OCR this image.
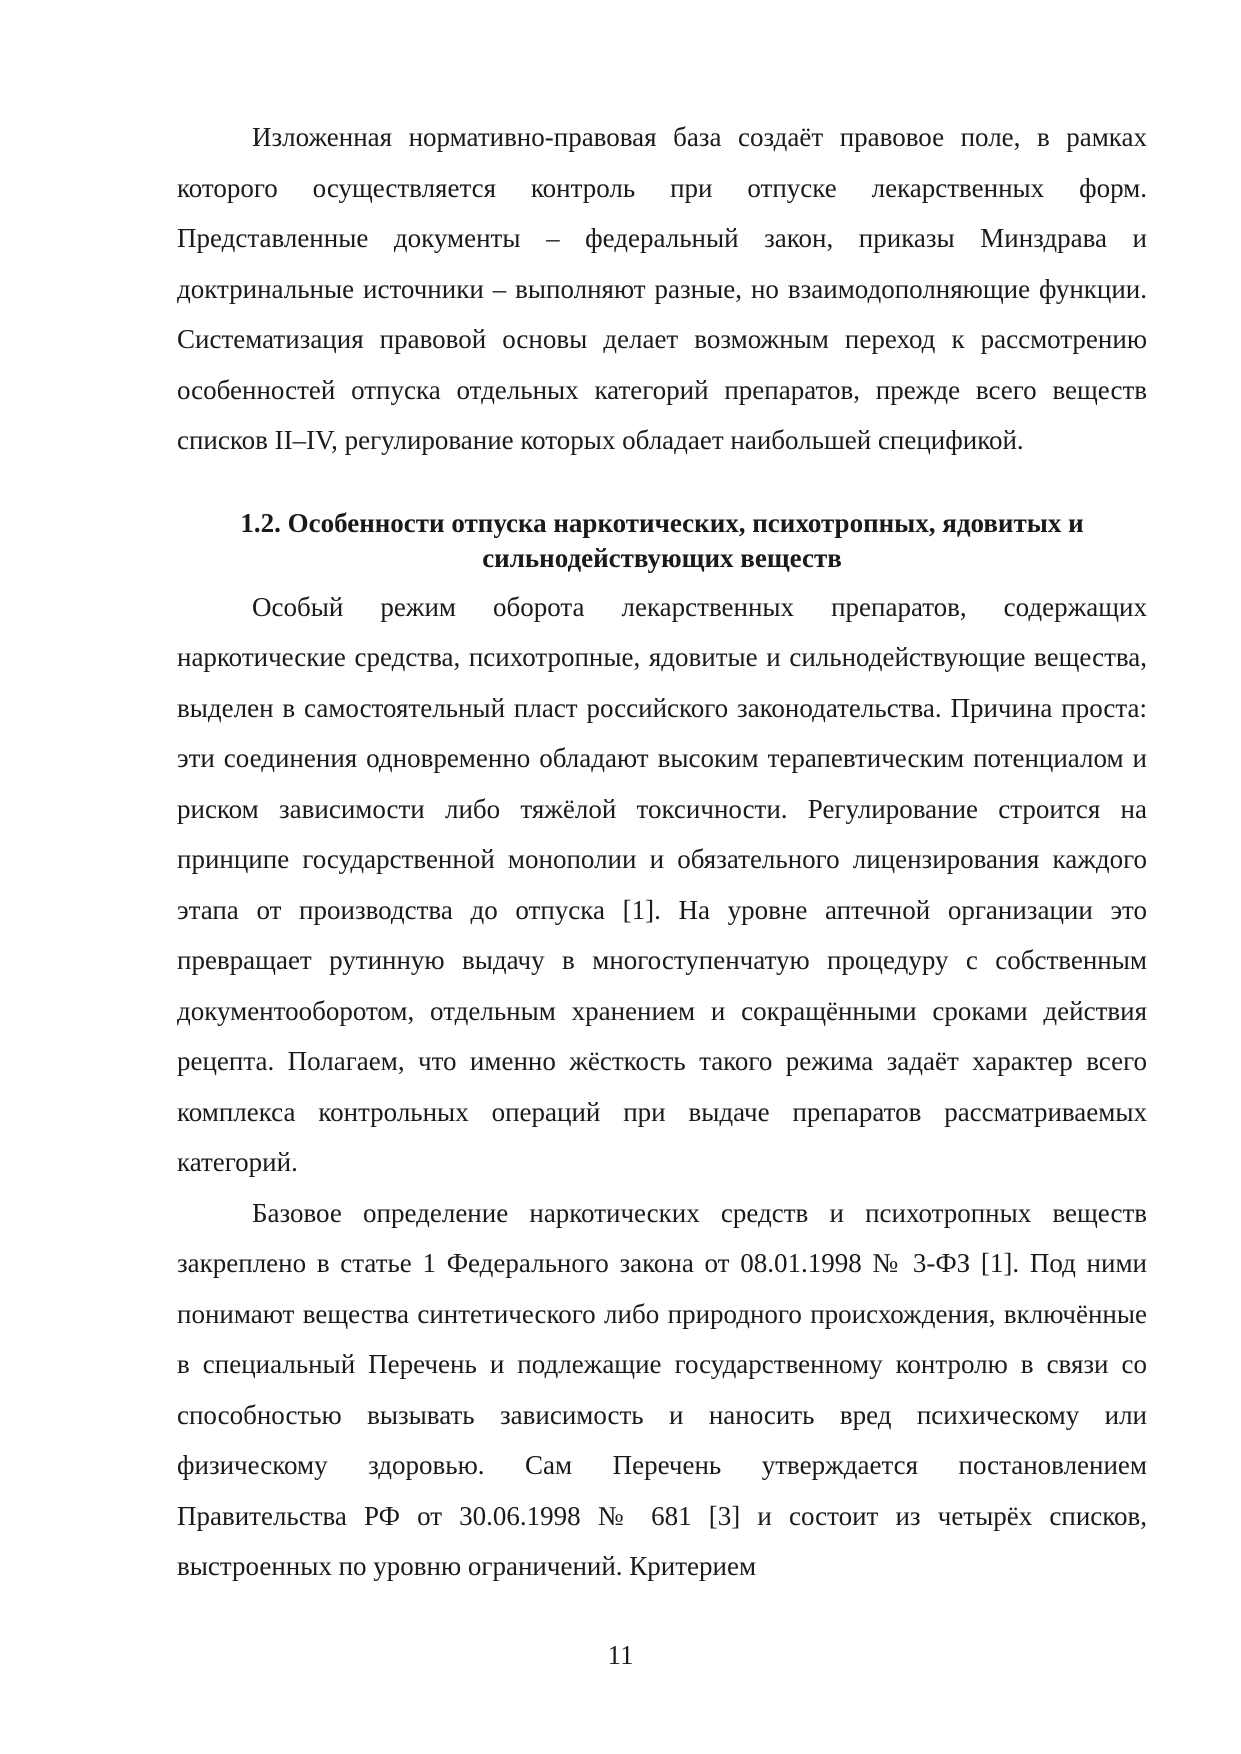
Изложенная нормативно-правовая база создаёт правовое поле, в рамках которого осуществляется контроль при отпуске лекарственных форм. Представленные документы – федеральный закон, приказы Минздрава и доктринальные источники – выполняют разные, но взаимодополняющие функции. Систематизация правовой основы делает возможным переход к рассмотрению особенностей отпуска отдельных категорий препаратов, прежде всего веществ списков II–IV, регулирование которых обладает наибольшей спецификой.

1.2. Особенности отпуска наркотических, психотропных, ядовитых и сильнодействующих веществ

Особый режим оборота лекарственных препаратов, содержащих наркотические средства, психотропные, ядовитые и сильнодействующие вещества, выделен в самостоятельный пласт российского законодательства. Причина проста: эти соединения одновременно обладают высоким терапевтическим потенциалом и риском зависимости либо тяжёлой токсичности. Регулирование строится на принципе государственной монополии и обязательного лицензирования каждого этапа от производства до отпуска [1]. На уровне аптечной организации это превращает рутинную выдачу в многоступенчатую процедуру с собственным документооборотом, отдельным хранением и сокращёнными сроками действия рецепта. Полагаем, что именно жёсткость такого режима задаёт характер всего комплекса контрольных операций при выдаче препаратов рассматриваемых категорий.

Базовое определение наркотических средств и психотропных веществ закреплено в статье 1 Федерального закона от 08.01.1998 № 3-ФЗ [1]. Под ними понимают вещества синтетического либо природного происхождения, включённые в специальный Перечень и подлежащие государственному контролю в связи со способностью вызывать зависимость и наносить вред психическому или физическому здоровью. Сам Перечень утверждается постановлением Правительства РФ от 30.06.1998 № 681 [3] и состоит из четырёх списков, выстроенных по уровню ограничений. Критерием

11
